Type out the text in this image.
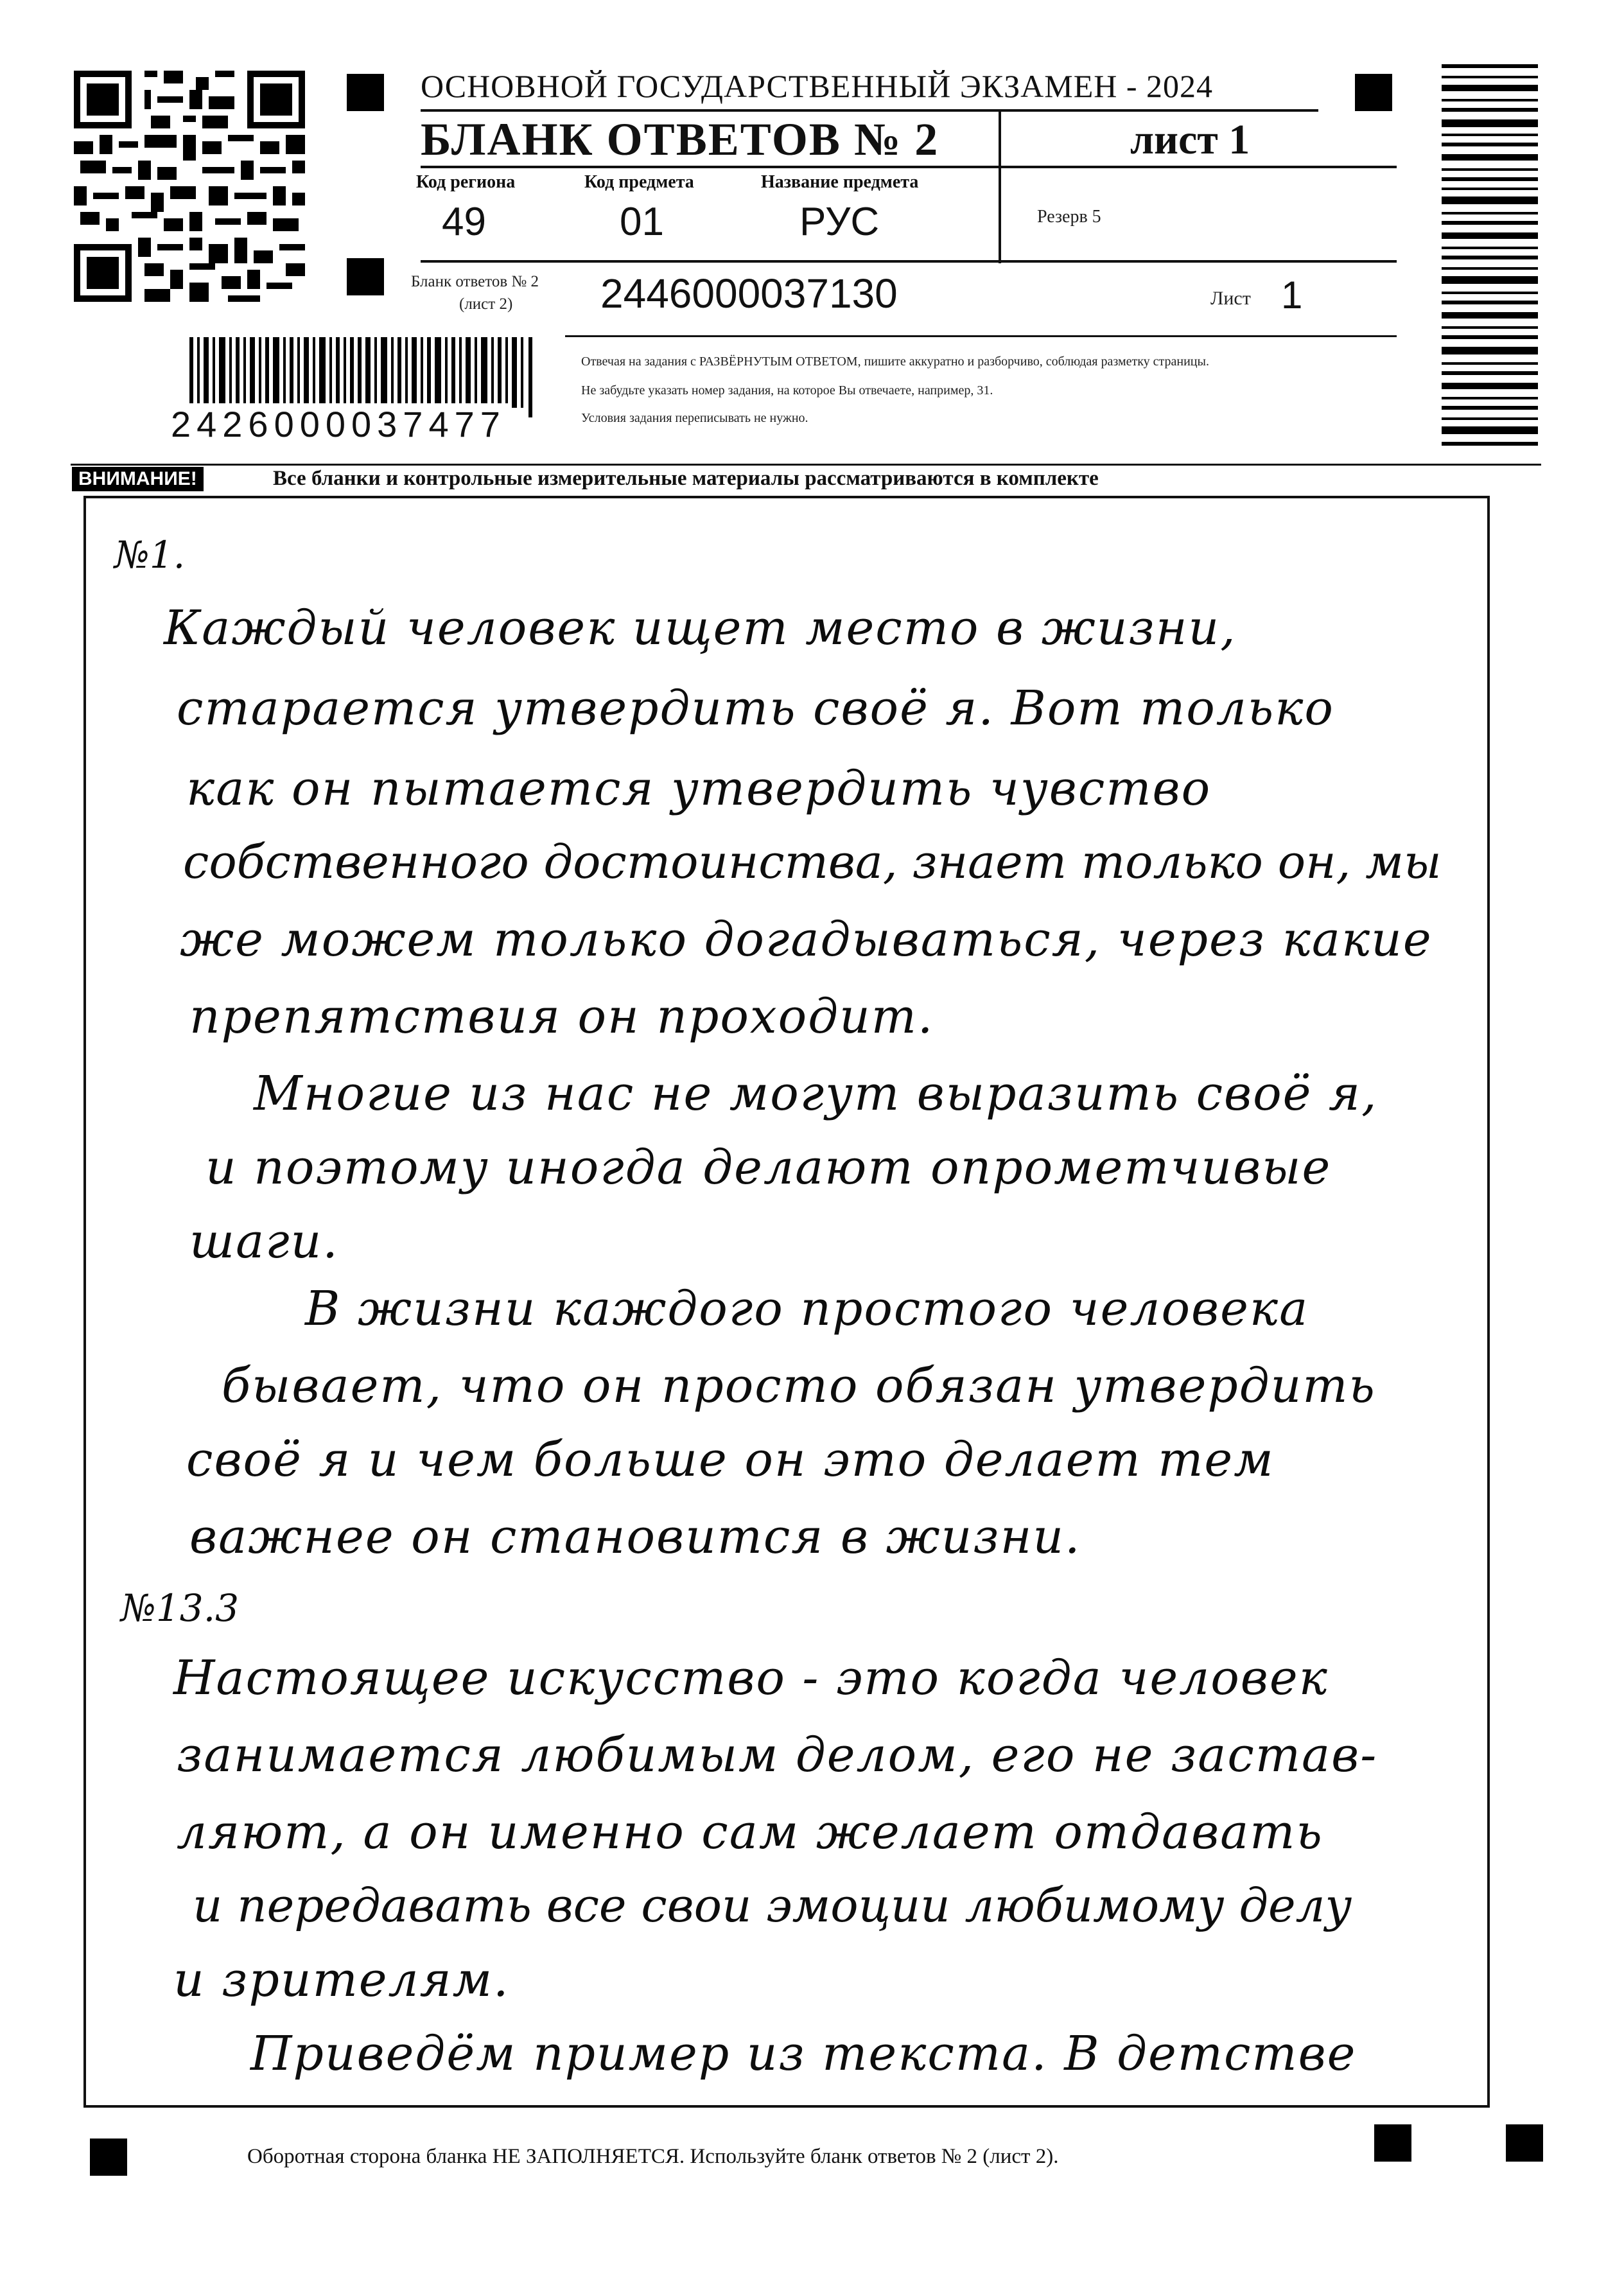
ОСНОВНОЙ ГОСУДАРСТВЕННЫЙ ЭКЗАМЕН - 2024
БЛАНК ОТВЕТОВ № 2	лист 1
Код региона
49
Код предмета
01
Название предмета
РУС	Резерв 5
Бланк ответов № 2
(лист 2) 2446000037130	Лист 1
Отвечая на задания с РАЗВЁРНУТЫМ ОТВЕТОМ, пишите аккуратно и разборчиво, соблюдая разметку страницы.
Не забудьте указать номер задания, на которое Вы отвечаете, например, 31.
Условия задания переписывать не нужно.
2426000037477
ВНИМАНИЕ!	Все бланки и контрольные измерительные материалы рассматриваются в комплекте
№1.
Каждый человек ищет место в жизни,
старается утвердить своё я. Вот только
как он пытается утвердить чувство
собственного достоинства, знает только он, мы
же можем только догадываться, через какие
препятствия он проходит.
Многие из нас не могут выразить своё я,
и поэтому иногда делают опрометчивые
шаги.
В жизни каждого простого человека
бывает, что он просто обязан утвердить
своё я и чем больше он это делает тем
важнее он становится в жизни.
№13.3
Настоящее искусство - это когда человек
занимается любимым делом, его не застав-
ляют, а он именно сам желает отдавать
и передавать все свои эмоции любимому делу
и зрителям.
Приведём пример из текста. В детстве
Оборотная сторона бланка НЕ ЗАПОЛНЯЕТСЯ. Используйте бланк ответов № 2 (лист 2).
